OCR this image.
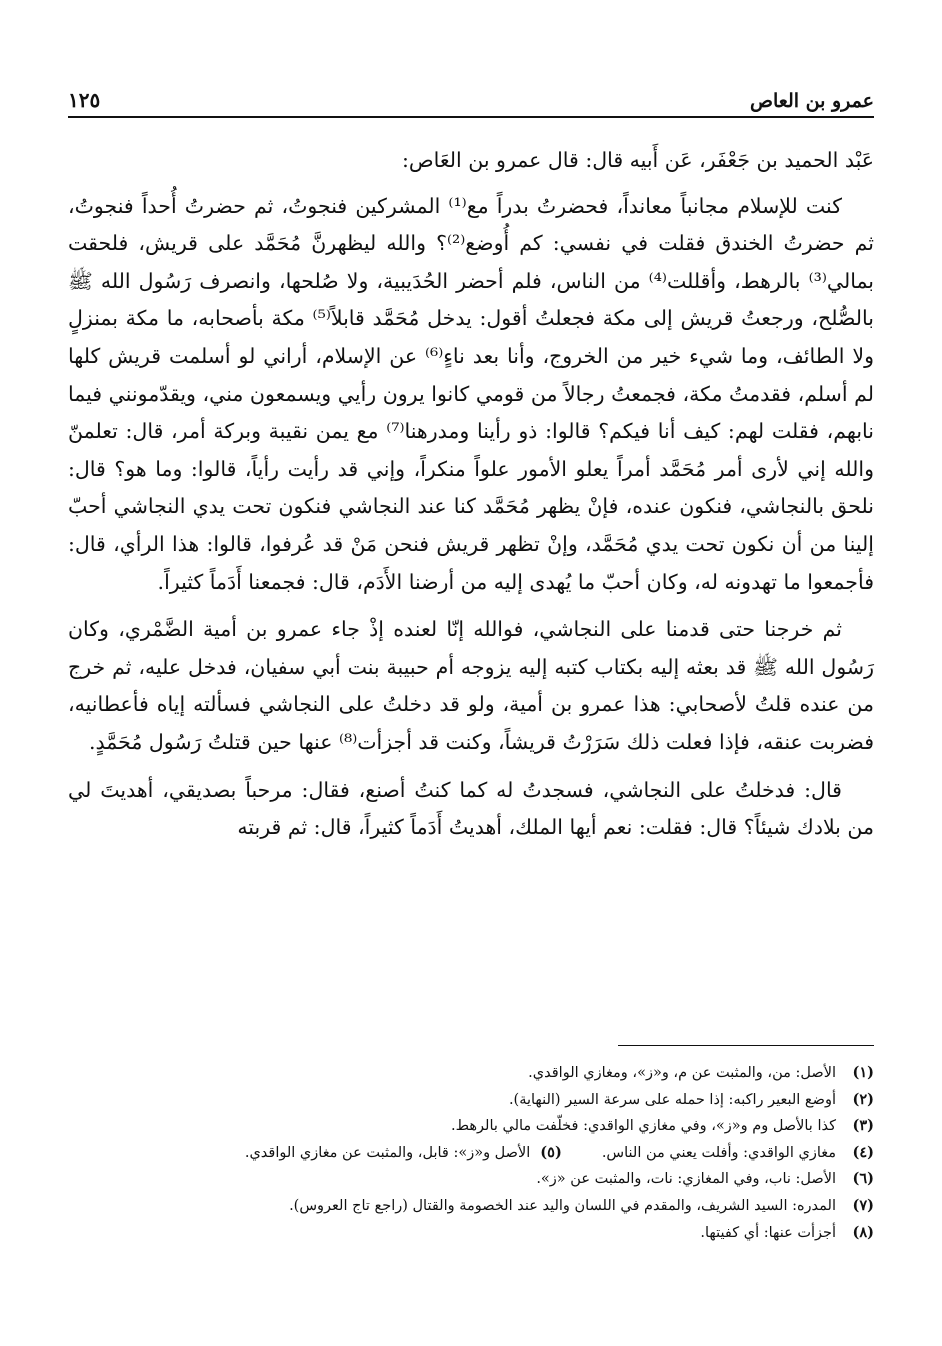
عمرو بن العاص
١٢٥

عَبْد الحميد بن جَعْفَر، عَن أَبيه قال: قال عمرو بن العَاص:

كنت للإسلام مجانباً معانداً، فحضرتُ بدراً مع⁽¹⁾ المشركين فنجوتُ، ثم حضرتُ أُحداً فنجوتُ، ثم حضرتُ الخندق فقلت في نفسي: كم أُوضع⁽²⁾؟ والله ليظهرنَّ مُحَمَّد على قريش، فلحقت بمالي⁽³⁾ بالرهط، وأقللت⁽⁴⁾ من الناس، فلم أحضر الحُدَيبية، ولا صُلحها، وانصرف رَسُول الله ﷺ بالصُّلح، ورجعتُ قريش إلى مكة فجعلتُ أقول: يدخل مُحَمَّد قابلاً⁽⁵⁾ مكة بأصحابه، ما مكة بمنزلٍ ولا الطائف، وما شيء خير من الخروج، وأنا بعد ناءٍ⁽⁶⁾ عن الإسلام، أراني لو أسلمت قريش كلها لم أسلم، فقدمتُ مكة، فجمعتُ رجالاً من قومي كانوا يرون رأيي ويسمعون مني، ويقدّمونني فيما نابهم، فقلت لهم: كيف أنا فيكم؟ قالوا: ذو رأينا ومدرهنا⁽⁷⁾ مع يمن نقيبة وبركة أمر، قال: تعلمنّ والله إني لأرى أمر مُحَمَّد أمراً يعلو الأمور علواً منكراً، وإني قد رأيت رأياً، قالوا: وما هو؟ قال: نلحق بالنجاشي، فنكون عنده، فإنْ يظهر مُحَمَّد كنا عند النجاشي فنكون تحت يدي النجاشي أحبّ إلينا من أن نكون تحت يدي مُحَمَّد، وإنْ تظهر قريش فنحن مَنْ قد عُرفوا، قالوا: هذا الرأي، قال: فأجمعوا ما تهدونه له، وكان أحبّ ما يُهدى إليه من أرضنا الأَدَم، قال: فجمعنا أَدَماً كثيراً.

ثم خرجنا حتى قدمنا على النجاشي، فوالله إنّا لعنده إذْ جاء عمرو بن أمية الضَّمْري، وكان رَسُول الله ﷺ قد بعثه إليه بكتاب كتبه إليه يزوجه أم حبيبة بنت أبي سفيان، فدخل عليه، ثم خرج من عنده قلتُ لأصحابي: هذا عمرو بن أمية، ولو قد دخلتُ على النجاشي فسألته إياه فأعطانيه، فضربت عنقه، فإذا فعلت ذلك سَرَرْتُ قريشاً، وكنت قد أجزأت⁽⁸⁾ عنها حين قتلتُ رَسُول مُحَمَّدٍ.

قال: فدخلتُ على النجاشي، فسجدتُ له كما كنتُ أصنع، فقال: مرحباً بصديقي، أهديتَ لي من بلادك شيئاً؟ قال: فقلت: نعم أيها الملك، أهديتُ أَدَماً كثيراً، قال: ثم قربته

(١)
الأصل: من، والمثبت عن م، و«ز»، ومغازي الواقدي.
(٢)
أوضع البعير راكبه: إذا حمله على سرعة السير (النهاية).
(٣)
كذا بالأصل وم و«ز»، وفي مغازي الواقدي: فخلّفت مالي بالرهط.
(٤)
مغازي الواقدي: وأفلت يعني من الناس.
(٥)
الأصل و«ز»: قابل، والمثبت عن مغازي الواقدي.
(٦)
الأصل: ناب، وفي المغازي: نات، والمثبت عن «ز».
(٧)
المدره: السيد الشريف، والمقدم في اللسان واليد عند الخصومة والقتال (راجع تاج العروس).
(٨)
أجزأت عنها: أي كفيتها.
